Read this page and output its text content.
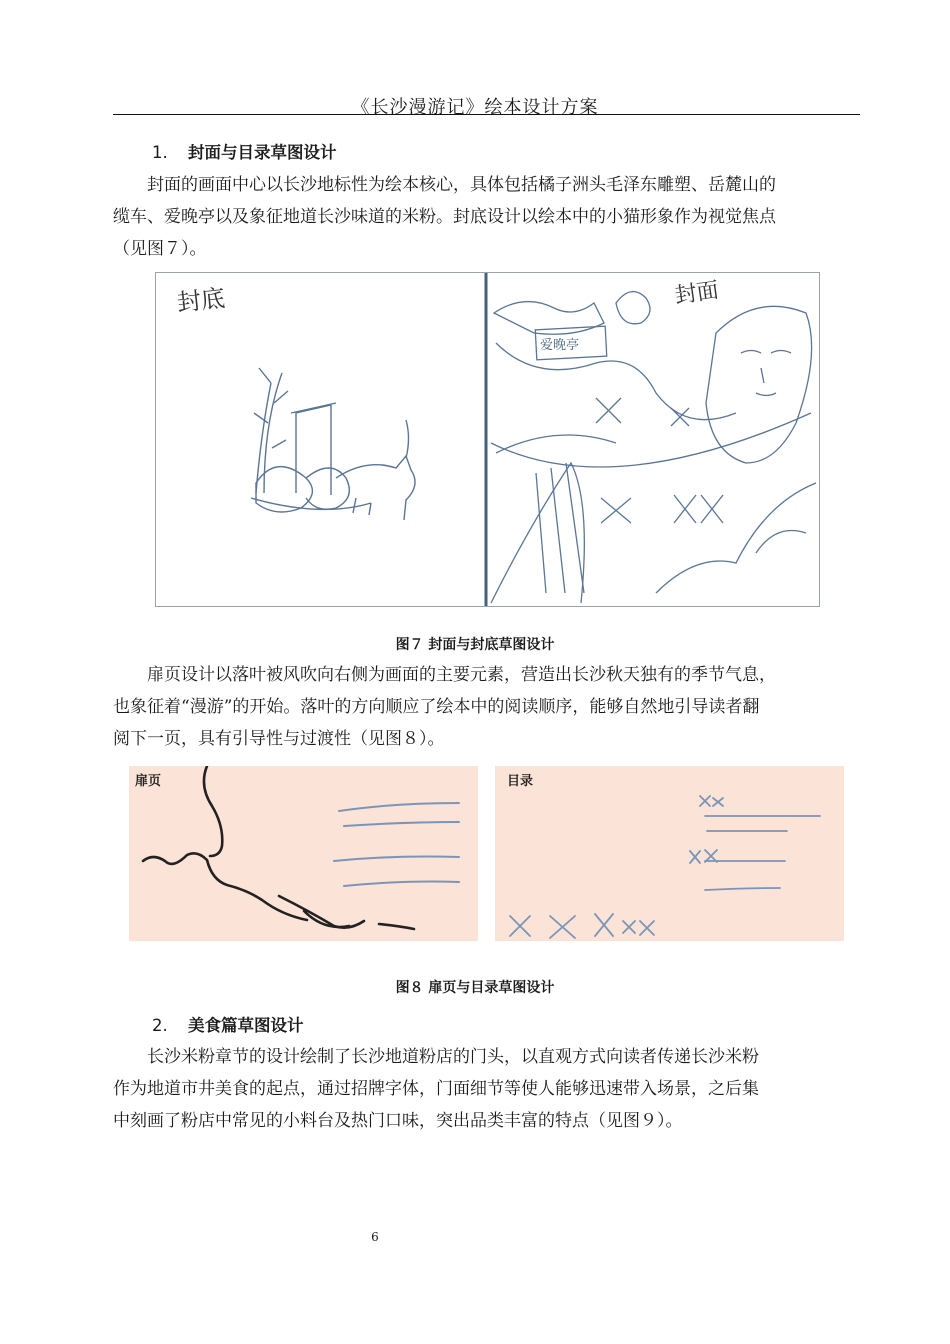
《长沙漫游记》绘本设计方案
1. 封面与目录草图设计
　　封面的画面中心以长沙地标性为绘本核心，具体包括橘子洲头毛泽东雕塑、岳麓山的
缆车、爱晚亭以及象征地道长沙味道的米粉。封底设计以绘本中的小猫形象作为视觉焦点
（见图７）。
封底	封面
爱晚亭
图７ 封面与封底草图设计
　　扉页设计以落叶被风吹向右侧为画面的主要元素，营造出长沙秋天独有的季节气息，
也象征着“漫游”的开始。落叶的方向顺应了绘本中的阅读顺序，能够自然地引导读者翻
阅下一页，具有引导性与过渡性（见图８）。
扉页	目录
图８ 扉页与目录草图设计
2. 美食篇草图设计
　　长沙米粉章节的设计绘制了长沙地道粉店的门头，以直观方式向读者传递长沙米粉
作为地道市井美食的起点，通过招牌字体，门面细节等使人能够迅速带入场景，之后集
中刻画了粉店中常见的小料台及热门口味，突出品类丰富的特点（见图９）。
6
